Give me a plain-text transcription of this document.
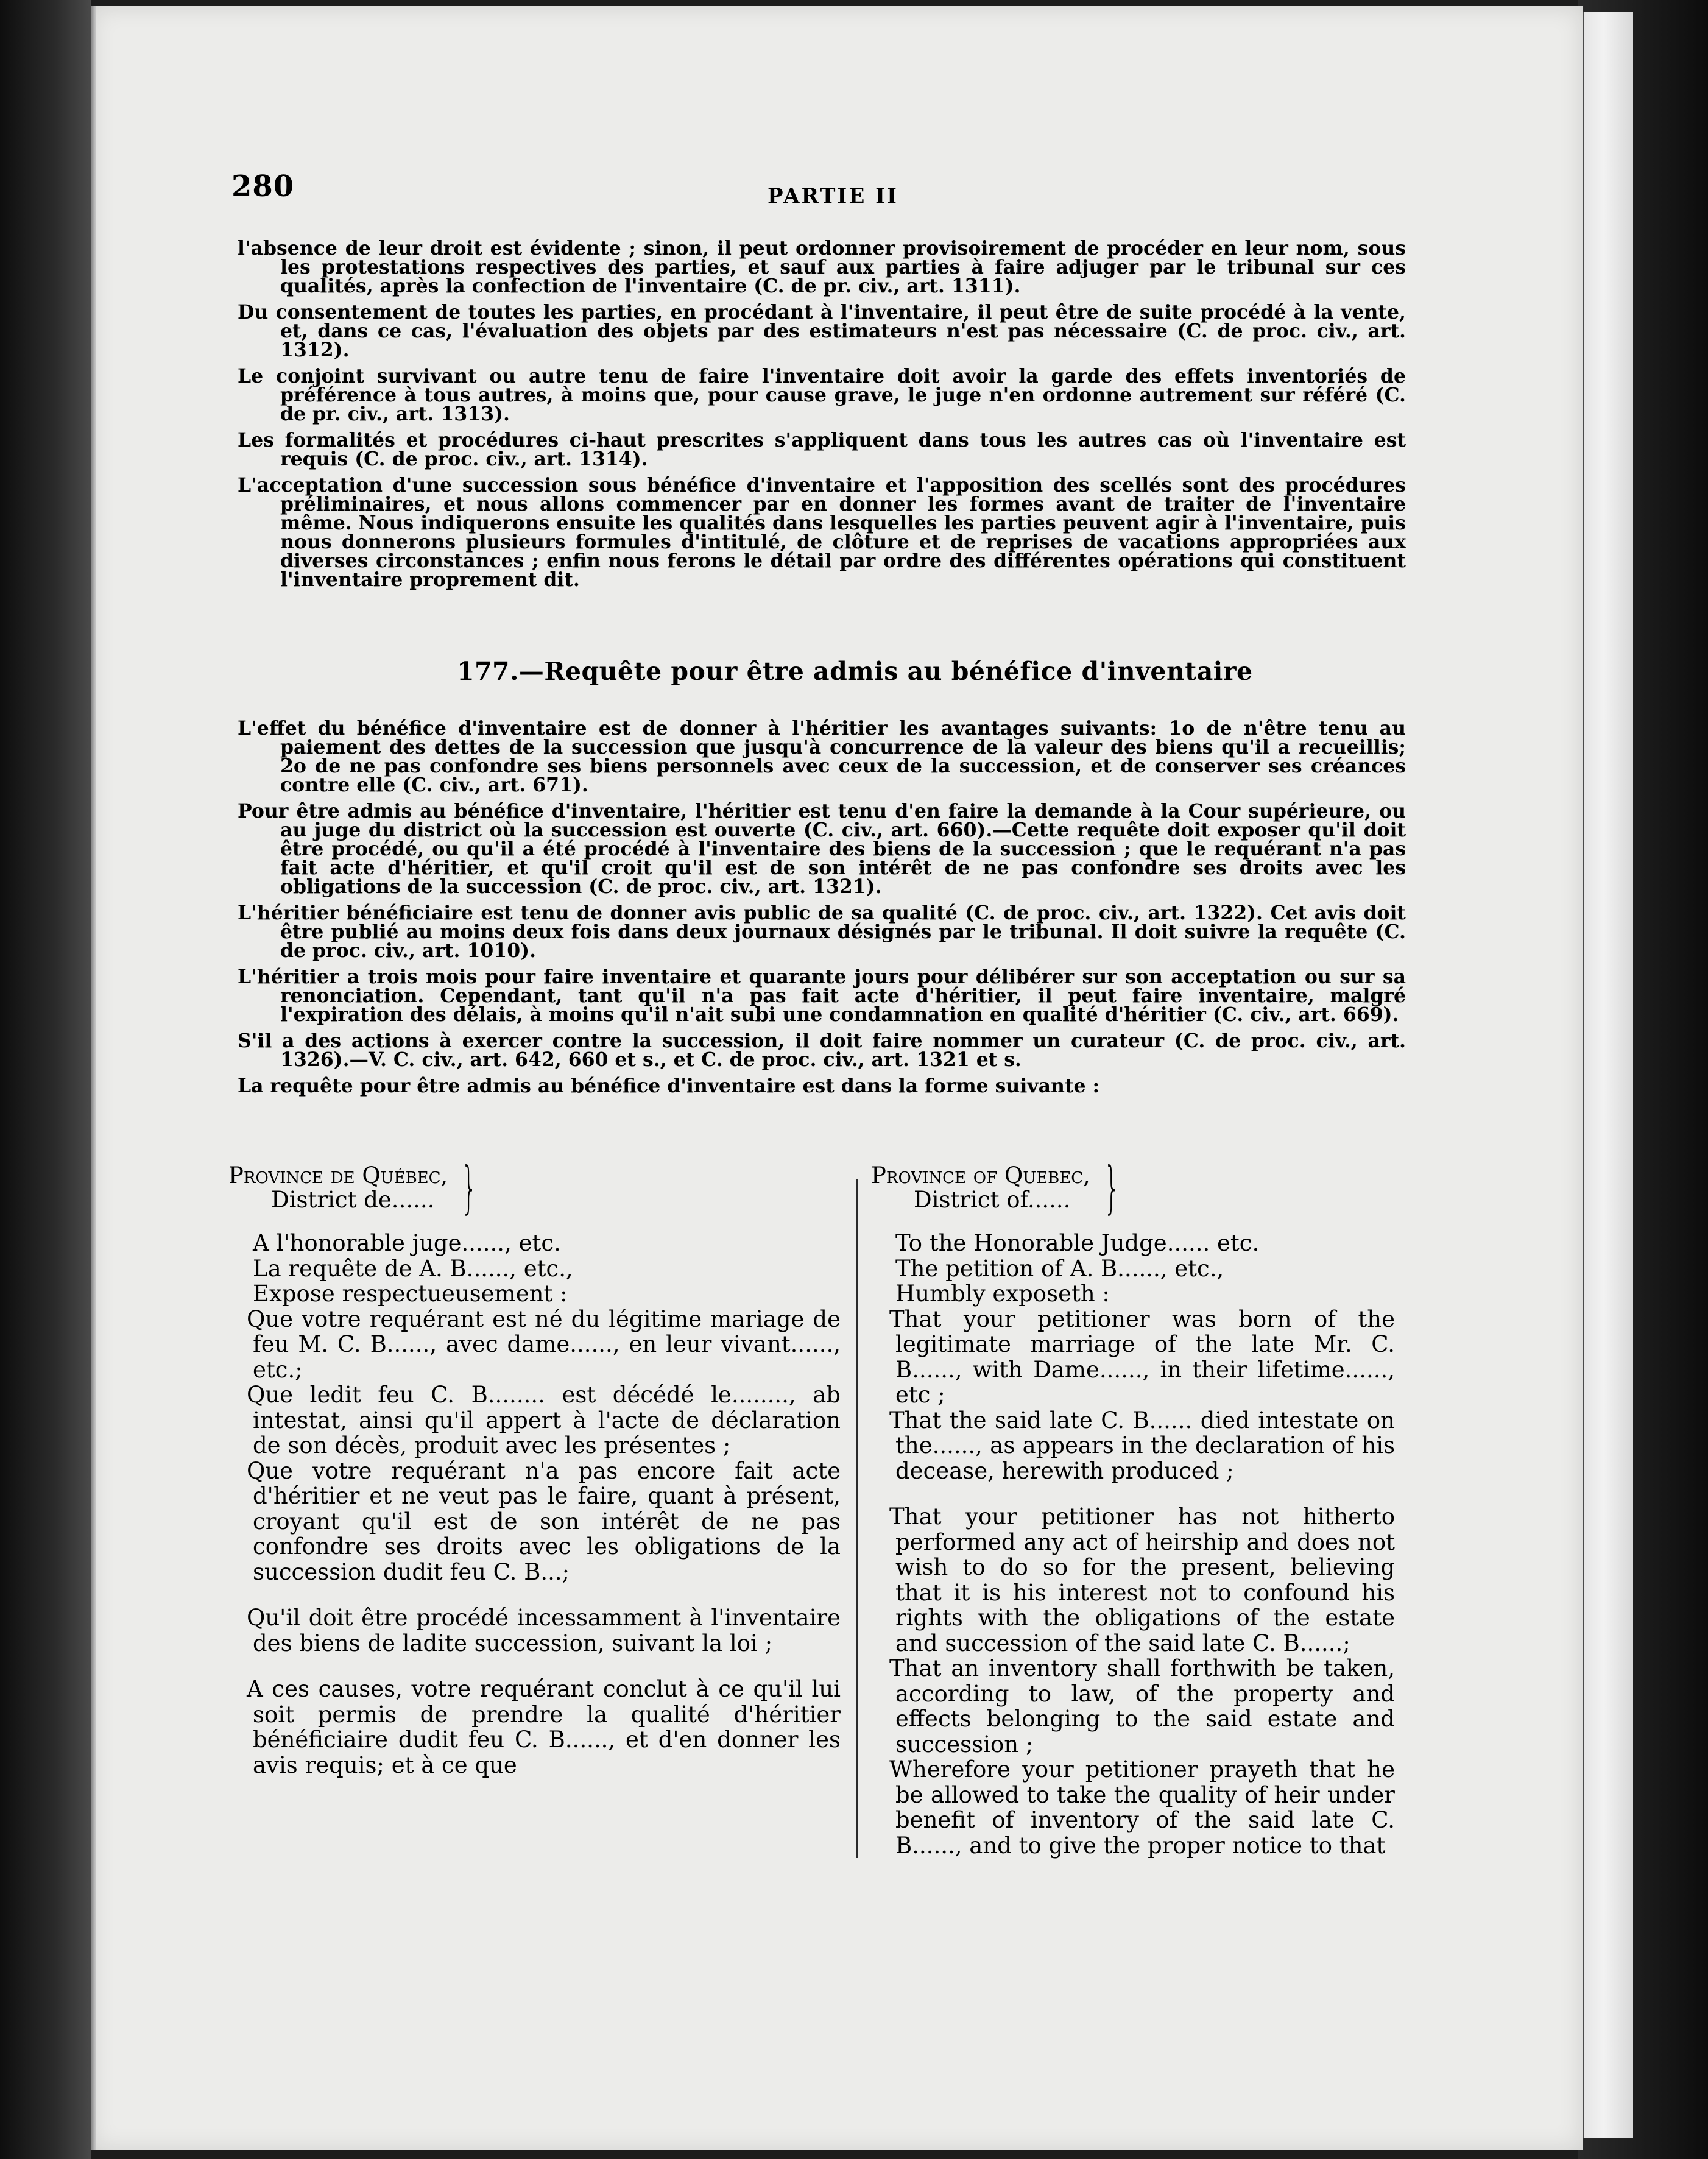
280	PARTIE II

l'absence de leur droit est évidente ; sinon, il peut ordonner provisoirement de procéder en leur nom, sous les protestations respectives des parties, et sauf aux parties à faire adjuger par le tribunal sur ces qualités, après la confection de l'inventaire (C. de pr. civ., art. 1311).

Du consentement de toutes les parties, en procédant à l'inventaire, il peut être de suite procédé à la vente, et, dans ce cas, l'évaluation des objets par des estimateurs n'est pas nécessaire (C. de proc. civ., art. 1312).

Le conjoint survivant ou autre tenu de faire l'inventaire doit avoir la garde des effets inventoriés de préférence à tous autres, à moins que, pour cause grave, le juge n'en ordonne autrement sur référé (C. de pr. civ., art. 1313).

Les formalités et procédures ci-haut prescrites s'appliquent dans tous les autres cas où l'inventaire est requis (C. de proc. civ., art. 1314).

L'acceptation d'une succession sous bénéfice d'inventaire et l'apposition des scellés sont des procédures préliminaires, et nous allons commencer par en donner les formes avant de traiter de l'inventaire même. Nous indiquerons ensuite les qualités dans lesquelles les parties peuvent agir à l'inventaire, puis nous donnerons plusieurs formules d'intitulé, de clôture et de reprises de vacations appropriées aux diverses circonstances ; enfin nous ferons le détail par ordre des différentes opérations qui constituent l'inventaire proprement dit.

177.—Requête pour être admis au bénéfice d'inventaire

L'effet du bénéfice d'inventaire est de donner à l'héritier les avantages suivants: 1o de n'être tenu au paiement des dettes de la succession que jusqu'à concurrence de la valeur des biens qu'il a recueillis; 2o de ne pas confondre ses biens personnels avec ceux de la succession, et de conserver ses créances contre elle (C. civ., art. 671).

Pour être admis au bénéfice d'inventaire, l'héritier est tenu d'en faire la demande à la Cour supérieure, ou au juge du district où la succession est ouverte (C. civ., art. 660).—Cette requête doit exposer qu'il doit être procédé, ou qu'il a été procédé à l'inventaire des biens de la succession ; que le requérant n'a pas fait acte d'héritier, et qu'il croit qu'il est de son intérêt de ne pas confondre ses droits avec les obligations de la succession (C. de proc. civ., art. 1321).

L'héritier bénéficiaire est tenu de donner avis public de sa qualité (C. de proc. civ., art. 1322). Cet avis doit être publié au moins deux fois dans deux journaux désignés par le tribunal. Il doit suivre la requête (C. de proc. civ., art. 1010).

L'héritier a trois mois pour faire inventaire et quarante jours pour délibérer sur son acceptation ou sur sa renonciation. Cependant, tant qu'il n'a pas fait acte d'héritier, il peut faire inventaire, malgré l'expiration des délais, à moins qu'il n'ait subi une condamnation en qualité d'héritier (C. civ., art. 669).

S'il a des actions à exercer contre la succession, il doit faire nommer un curateur (C. de proc. civ., art. 1326).—V. C. civ., art. 642, 660 et s., et C. de proc. civ., art. 1321 et s.

La requête pour être admis au bénéfice d'inventaire est dans la forme suivante :

Province de Québec,
District de...... }
A l'honorable juge......, etc.
La requête de A. B......, etc.,
Expose respectueusement :

Que votre requérant est né du légitime mariage de feu M. C. B......, avec dame......, en leur vivant......, etc.;

Que ledit feu C. B........ est décédé le........, ab intestat, ainsi qu'il appert à l'acte de déclaration de son décès, produit avec les présentes ;

Que votre requérant n'a pas encore fait acte d'héritier et ne veut pas le faire, quant à présent, croyant qu'il est de son intérêt de ne pas confondre ses droits avec les obligations de la succession dudit feu C. B...;

Qu'il doit être procédé incessamment à l'inventaire des biens de ladite succession, suivant la loi ;

A ces causes, votre requérant conclut à ce qu'il lui soit permis de prendre la qualité d'héritier bénéficiaire dudit feu C. B......, et d'en donner les avis requis; et à ce que

Province of Quebec,
District of...... }
To the Honorable Judge...... etc.
The petition of A. B......, etc.,
Humbly exposeth :

That your petitioner was born of the legitimate marriage of the late Mr. C. B......, with Dame......, in their lifetime......, etc ;

That the said late C. B...... died intestate on the......, as appears in the declaration of his decease, herewith produced ;

That your petitioner has not hitherto performed any act of heirship and does not wish to do so for the present, believing that it is his interest not to confound his rights with the obligations of the estate and succession of the said late C. B......;

That an inventory shall forthwith be taken, according to law, of the property and effects belonging to the said estate and succession ;

Wherefore your petitioner prayeth that he be allowed to take the quality of heir under benefit of inventory of the said late C. B......, and to give the proper notice to that
